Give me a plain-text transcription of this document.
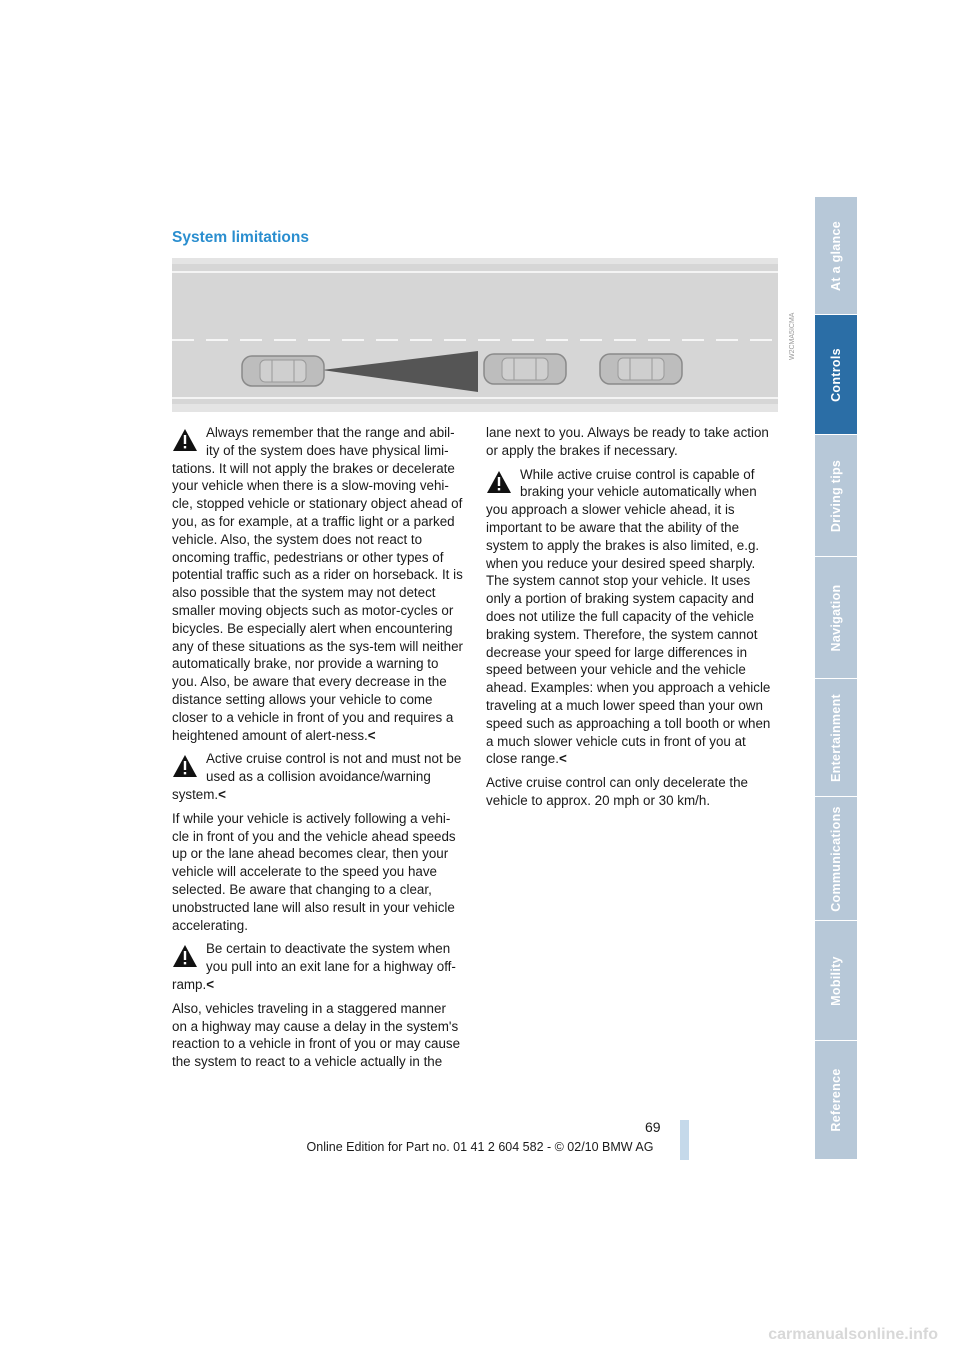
System limitations
W2CMA5ICMA

Always remember that the range and abil-ity of the system does have physical limi-tations. It will not apply the brakes or decelerate your vehicle when there is a slow-moving vehi-cle, stopped vehicle or stationary object ahead of you, as for example, at a traffic light or a parked vehicle. Also, the system does not react to oncoming traffic, pedestrians or other types of potential traffic such as a rider on horseback. It is also possible that the system may not detect smaller moving objects such as motor-cycles or bicycles. Be especially alert when encountering any of these situations as the sys-tem will neither automatically brake, nor provide a warning to you. Also, be aware that every decrease in the distance setting allows your vehicle to come closer to a vehicle in front of you and requires a heightened amount of alert-ness.<

Active cruise control is not and must not be used as a collision avoidance/warning system.<

If while your vehicle is actively following a vehi-cle in front of you and the vehicle ahead speeds up or the lane ahead becomes clear, then your vehicle will accelerate to the speed you have selected. Be aware that changing to a clear, unobstructed lane will also result in your vehicle accelerating.

Be certain to deactivate the system when you pull into an exit lane for a highway off-ramp.<

Also, vehicles traveling in a staggered manner on a highway may cause a delay in the system's reaction to a vehicle in front of you or may cause the system to react to a vehicle actually in the

lane next to you. Always be ready to take action or apply the brakes if necessary.

While active cruise control is capable of braking your vehicle automatically when you approach a slower vehicle ahead, it is important to be aware that the ability of the system to apply the brakes is also limited, e.g. when you reduce your desired speed sharply. The system cannot stop your vehicle. It uses only a portion of braking system capacity and does not utilize the full capacity of the vehicle braking system. Therefore, the system cannot decrease your speed for large differences in speed between your vehicle and the vehicle ahead. Examples: when you approach a vehicle traveling at a much lower speed than your own speed such as approaching a toll booth or when a much slower vehicle cuts in front of you at close range.<

Active cruise control can only decelerate the vehicle to approx. 20 mph or 30 km/h.

At a glance
Controls
Driving tips
Navigation
Entertainment
Communications
Mobility
Reference
69
Online Edition for Part no. 01 41 2 604 582 - © 02/10 BMW AG
carmanualsonline.info
